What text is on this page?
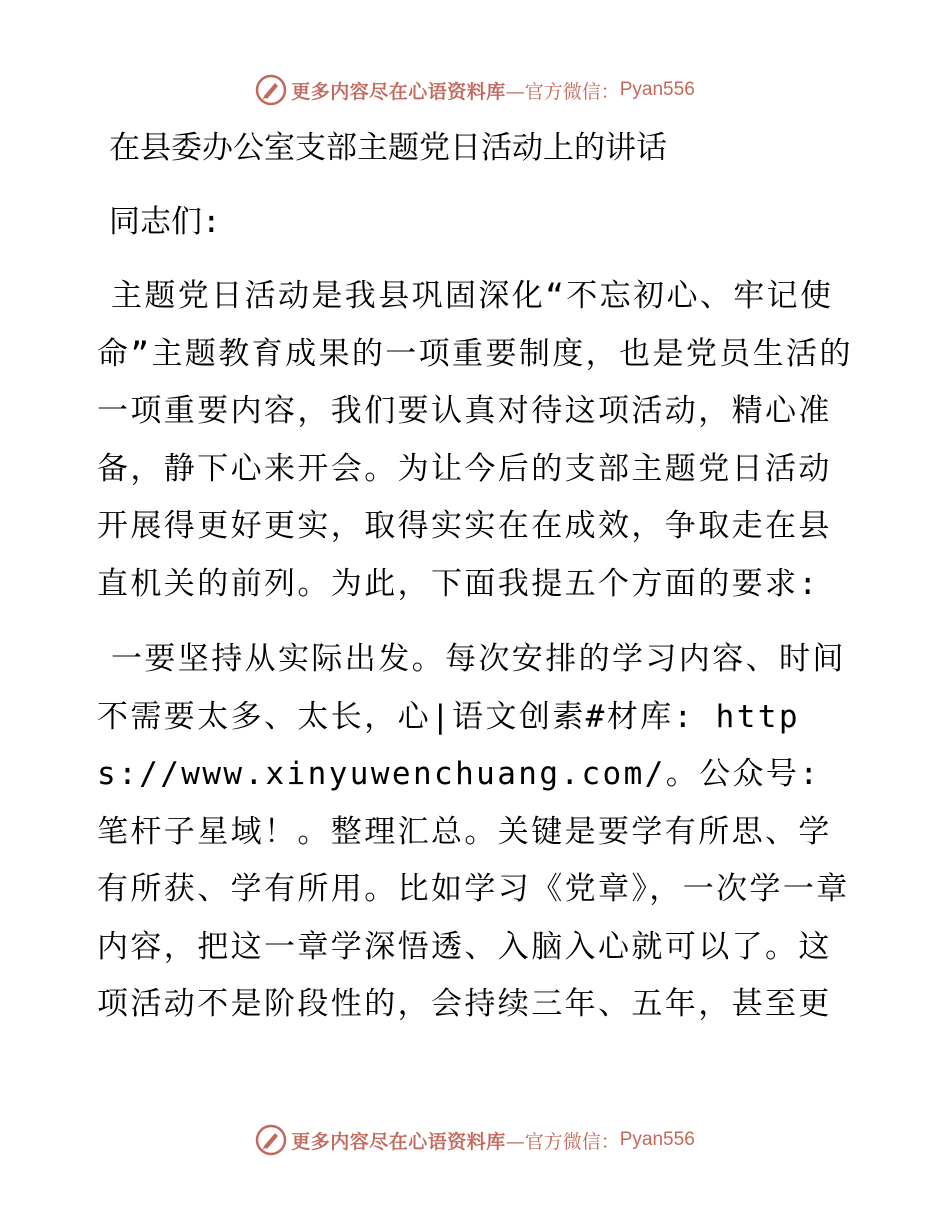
更多内容尽在心语资料库 —官方微信： Pyan556
在县委办公室支部主题党日活动上的讲话
同志们:

主题党日活动是我县巩固深化“不忘初心、牢记使命”主题教育成果的一项重要制度，也是党员生活的一项重要内容，我们要认真对待这项活动，精心准备，静下心来开会。为让今后的支部主题党日活动开展得更好更实，取得实实在在成效，争取走在县直机关的前列。为此，下面我提五个方面的要求:

一要坚持从实际出发。每次安排的学习内容、时间不需要太多、太长，心|语文创素#材库: https://www.xinyuwenchuang.com/。公众号: 笔杆子星域！。整理汇总。关键是要学有所思、学有所获、学有所用。比如学习《党章》，一次学一章内容，把这一章学深悟透、入脑入心就可以了。这项活动不是阶段性的，会持续三年、五年，甚至更

更多内容尽在心语资料库 —官方微信： Pyan556
